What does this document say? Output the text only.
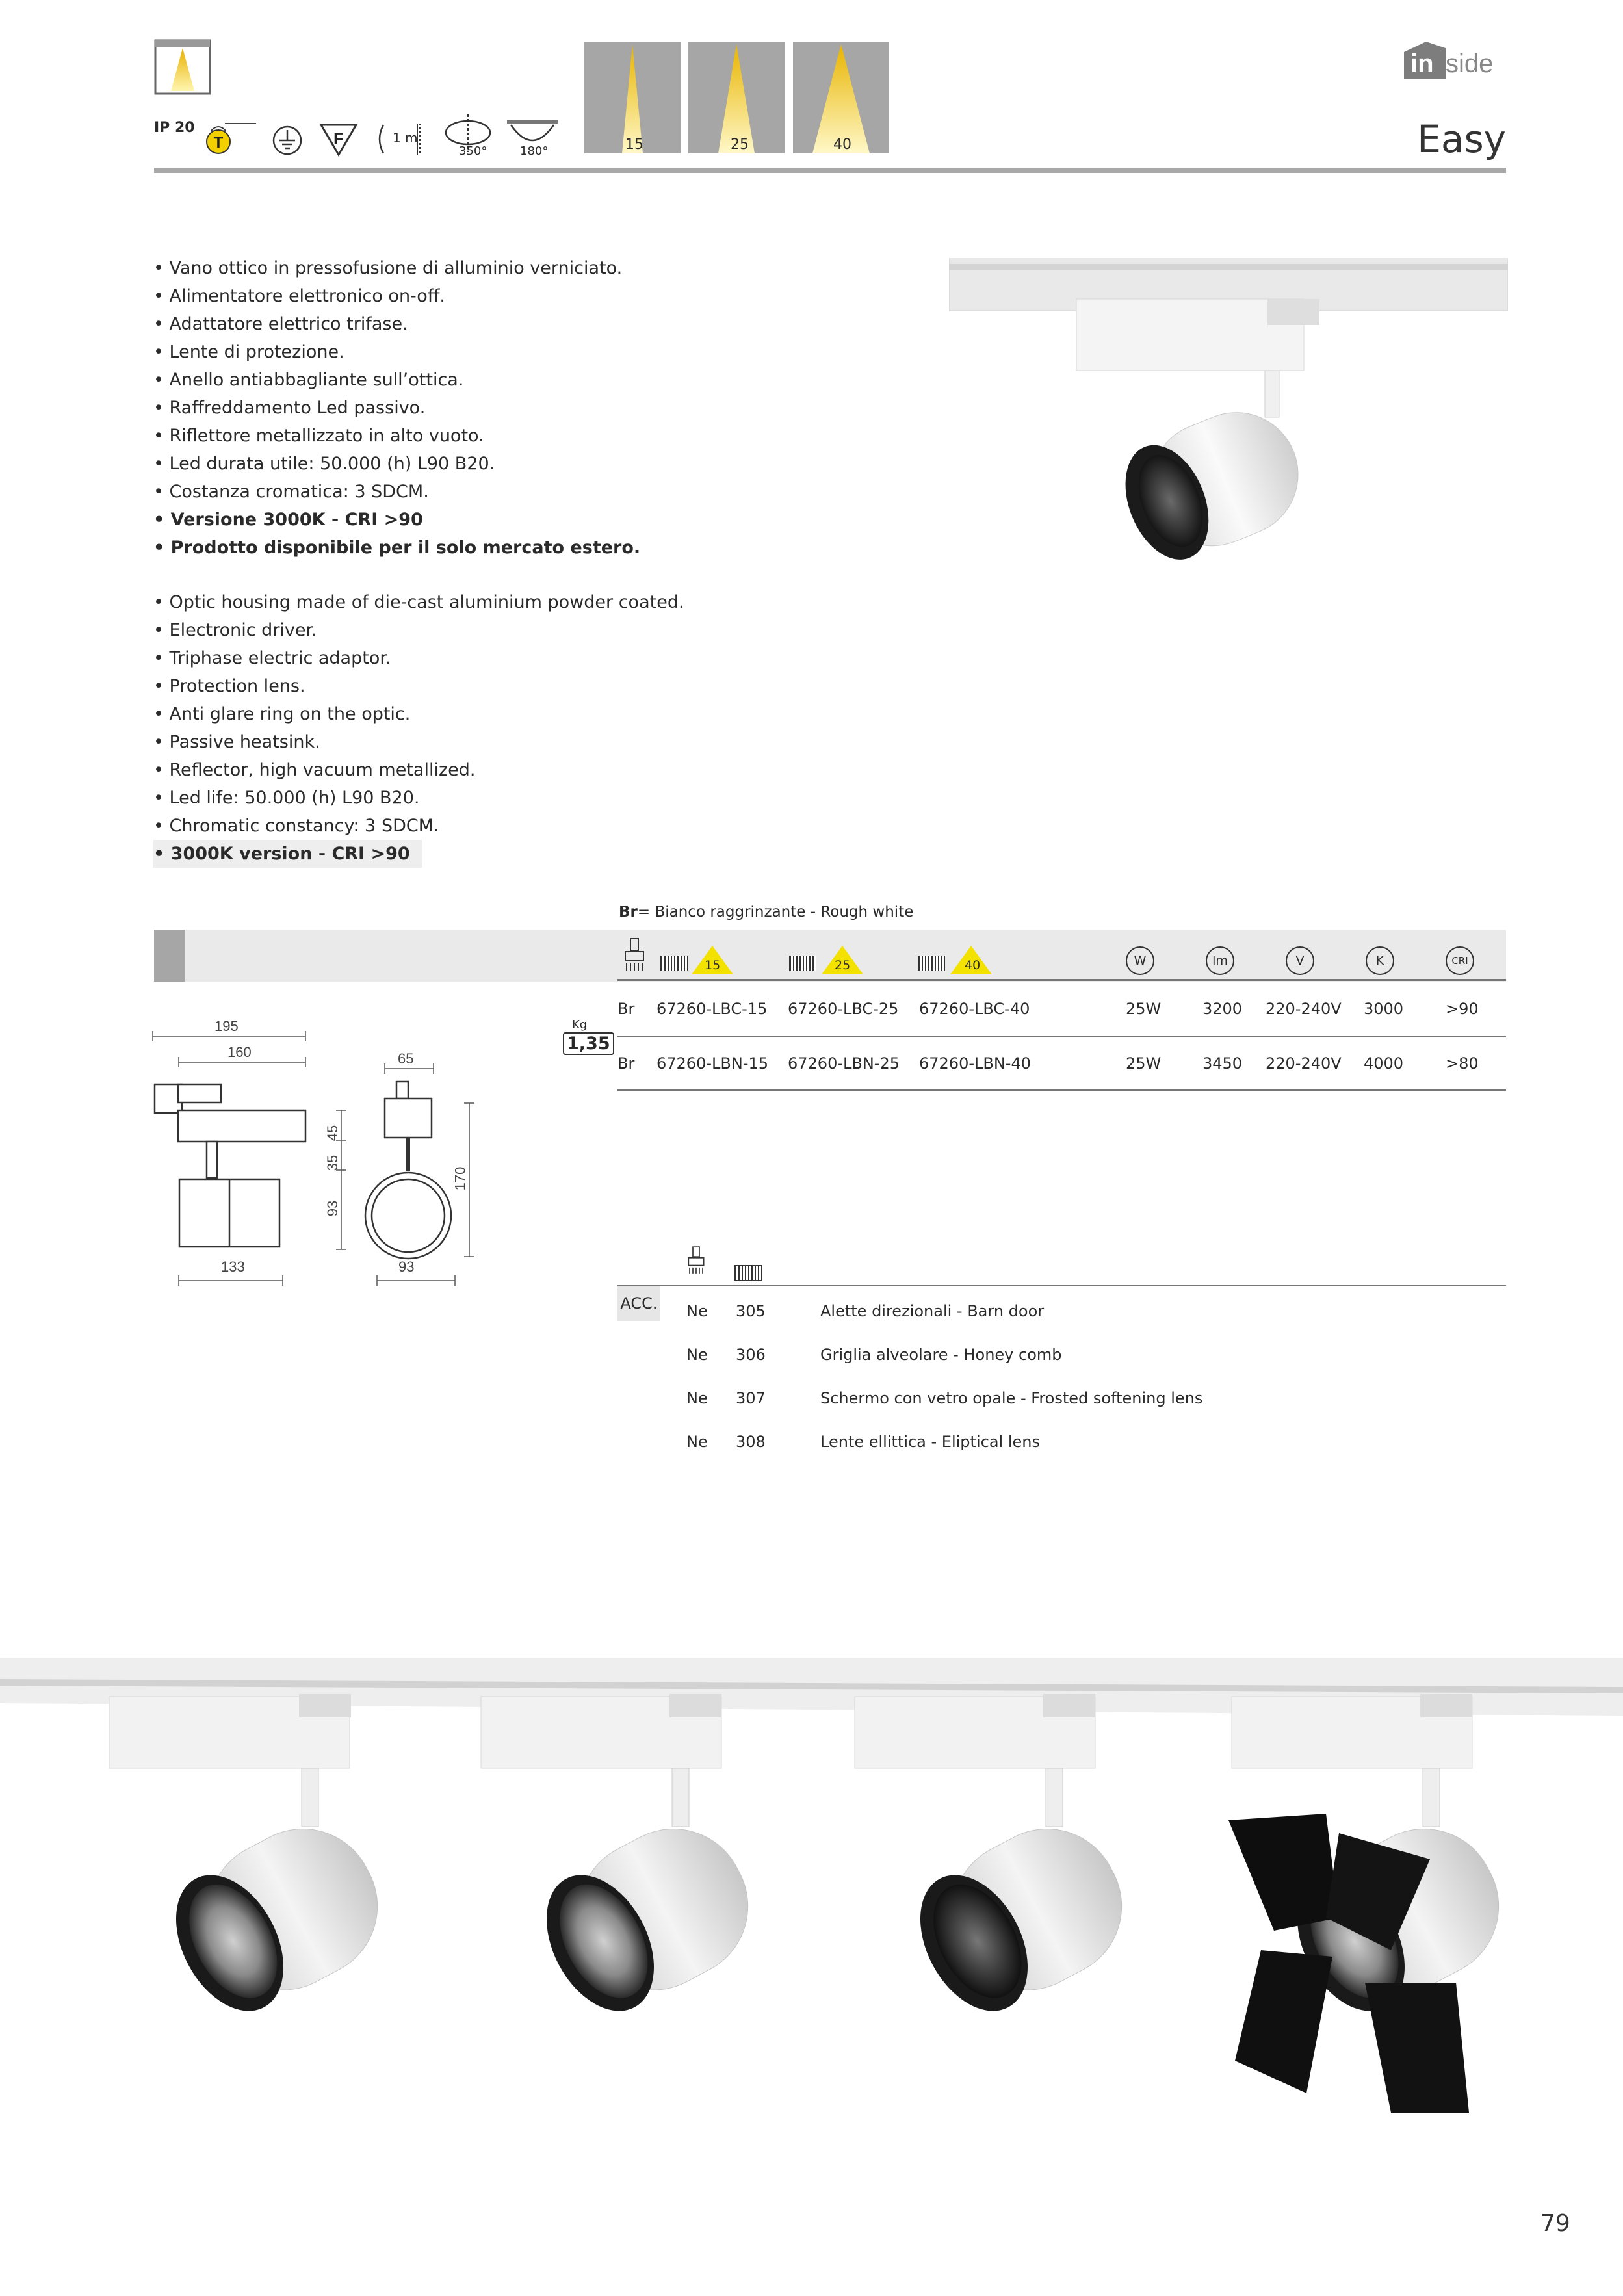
IP 20
T	F	1 m
350°	180°	15	25	40
in side
Easy
• Vano ottico in pressofusione di alluminio verniciato.
• Alimentatore elettronico on-off.
• Adattatore elettrico trifase.
• Lente di protezione.
• Anello antiabbagliante sull’ottica.
• Raffreddamento Led passivo.
• Riflettore metallizzato in alto vuoto.
• Led durata utile: 50.000 (h) L90 B20.
• Costanza cromatica: 3 SDCM.
• Versione 3000K - CRI >90
• Prodotto disponibile per il solo mercato estero.
• Optic housing made of die-cast aluminium powder coated.
• Electronic driver.
• Triphase electric adaptor.
• Protection lens.
• Anti glare ring on the optic.
• Passive heatsink.
• Reflector, high vacuum metallized.
• Led life: 50.000 (h) L90 B20.
• Chromatic constancy: 3 SDCM.
• 3000K version - CRI >90
Br= Bianco raggrinzante - Rough white
15	25	40	W	lm	V	K	CRI
Kg
1,35
Br 67260-LBC-15 67260-LBC-25 67260-LBC-40	25W	3200 220-240V 3000	>90
Br 67260-LBN-15 67260-LBN-25 67260-LBN-40	25W	3450 220-240V 4000	>80
195
160	65
45
35
93
170
133	93
ACC. Ne 305	Alette direzionali - Barn door
Ne 306	Griglia alveolare - Honey comb
Ne 307	Schermo con vetro opale - Frosted softening lens
Ne 308	Lente ellittica - Eliptical lens
79
